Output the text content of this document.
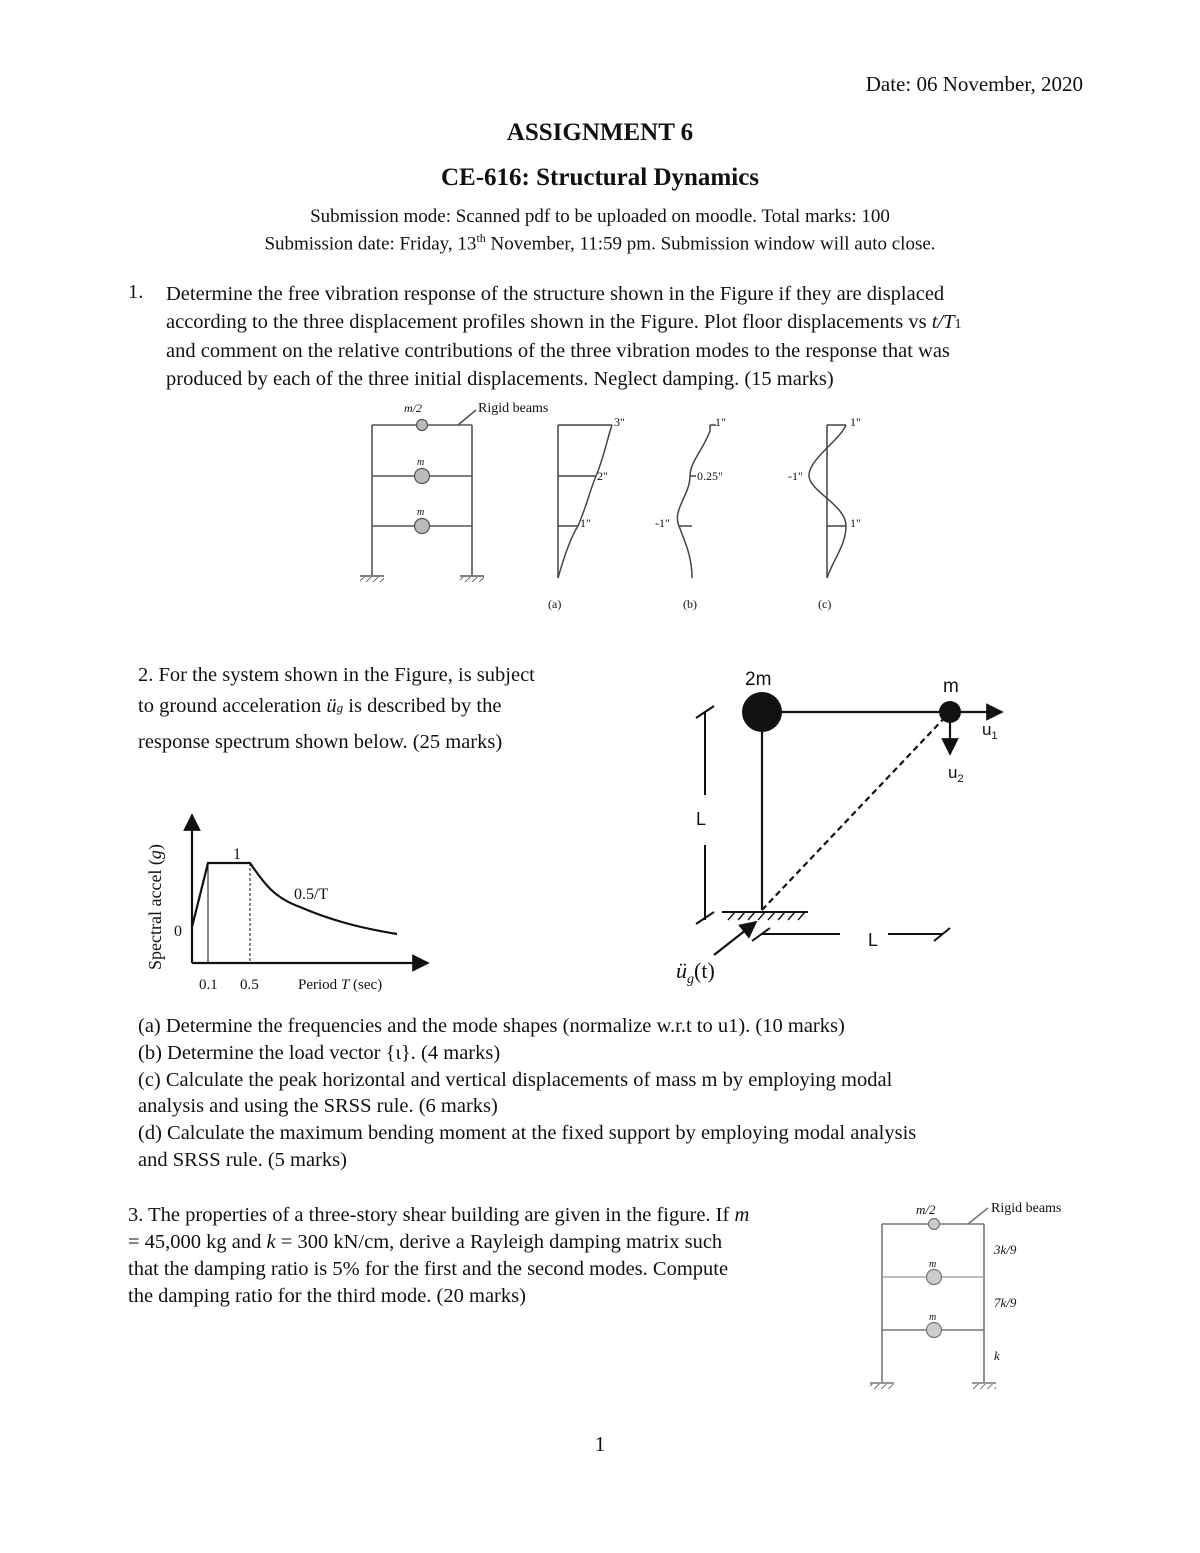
Date: 06 November, 2020
ASSIGNMENT 6
CE-616: Structural Dynamics
Submission mode: Scanned pdf to be uploaded on moodle. Total marks: 100
Submission date: Friday, 13th November, 11:59 pm. Submission window will auto close.
1. Determine the free vibration response of the structure shown in the Figure if they are displaced
according to the three displacement profiles shown in the Figure. Plot floor displacements vs t/T1
and comment on the relative contributions of the three vibration modes to the response that was
produced by each of the three initial displacements. Neglect damping. (15 marks)
m/2
m
m
Rigid beams
3"
2"
1"
(a)
1"
0.25"
-1"
(b)
1"
-1"
1"
(c)
Spectral accel (g)
0
1
0.5/T
0.1 0.5	Period T (sec)
2m	m
$u_1$
$u_2$
L
L
$ü_g(t)$
m/2
m
m
Rigid beams
3k/9
7k/9
k
2. For the system shown in the Figure, is subject
to ground acceleration üg is described by the
response spectrum shown below. (25 marks)
(a) Determine the frequencies and the mode shapes (normalize w.r.t to u1). (10 marks)
(b) Determine the load vector {ι}. (4 marks)
(c) Calculate the peak horizontal and vertical displacements of mass m by employing modal
analysis and using the SRSS rule. (6 marks)
(d) Calculate the maximum bending moment at the fixed support by employing modal analysis
and SRSS rule. (5 marks)
3. The properties of a three-story shear building are given in the figure. If m
= 45,000 kg and k = 300 kN/cm, derive a Rayleigh damping matrix such
that the damping ratio is 5% for the first and the second modes. Compute
the damping ratio for the third mode. (20 marks)
1
